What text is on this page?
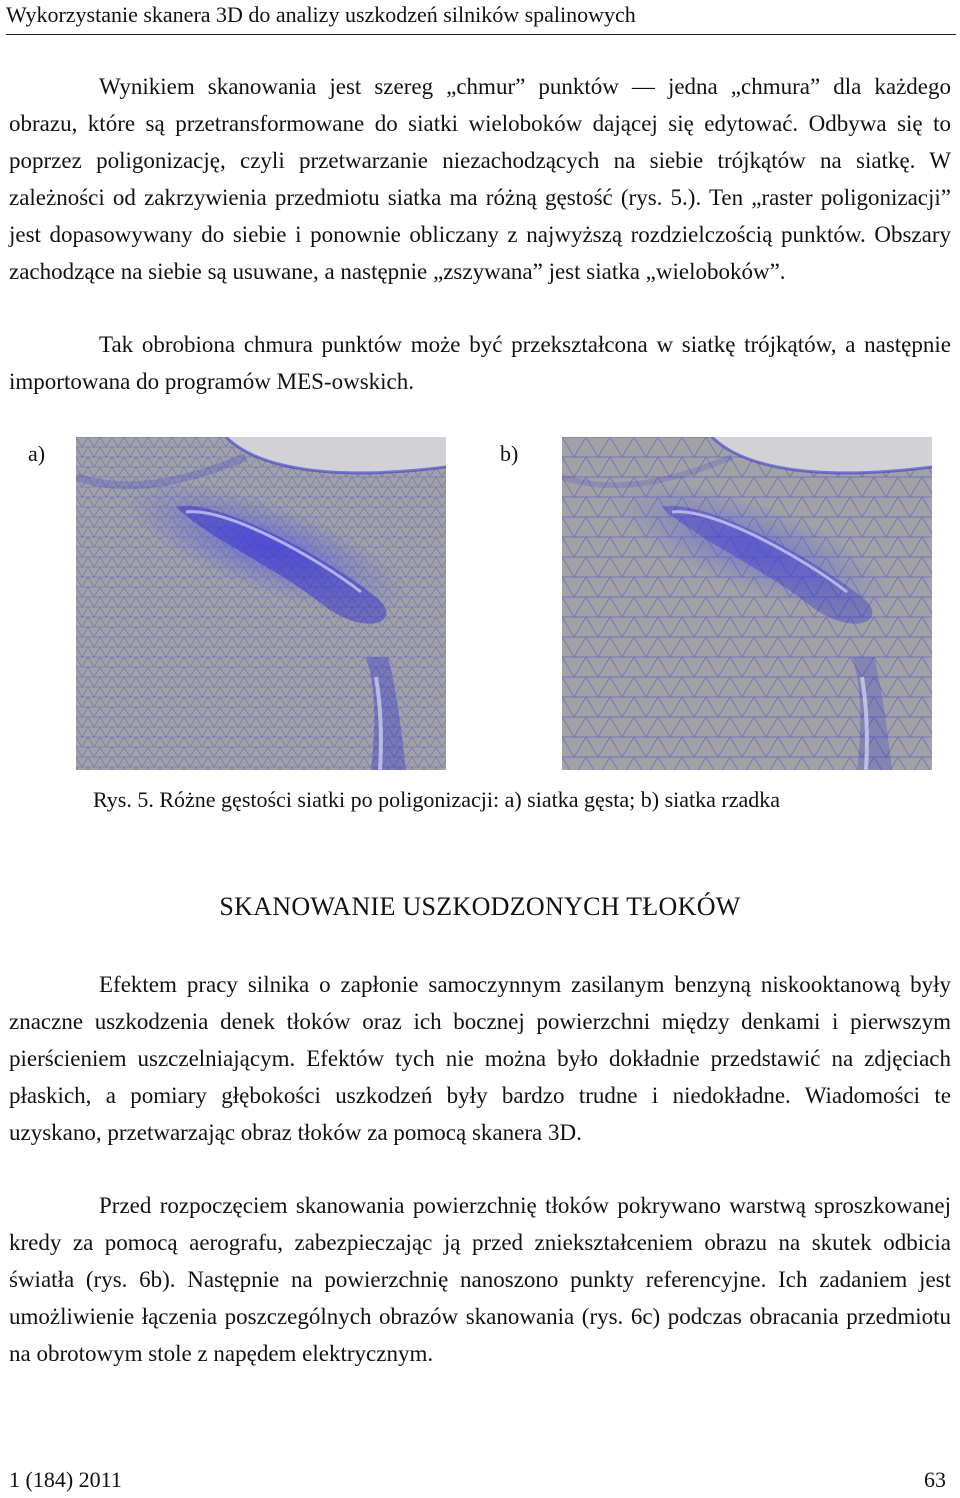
Wykorzystanie skanera 3D do analizy uszkodzeń silników spalinowych

Wynikiem skanowania jest szereg „chmur” punktów — jedna „chmura” dla każdego obrazu, które są przetransformowane do siatki wieloboków dającej się edytować. Odbywa się to poprzez poligonizację, czyli przetwarzanie niezachodzących na siebie trójkątów na siatkę. W zależności od zakrzywienia przedmiotu siatka ma różną gęstość (rys. 5.). Ten „raster poligonizacji” jest dopasowywany do siebie i ponownie obliczany z najwyższą rozdzielczością punktów. Obszary zachodzące na siebie są usuwane, a następnie „zszywana” jest siatka „wieloboków”.

Tak obrobiona chmura punktów może być przekształcona w siatkę trójkątów, a następnie importowana do programów MES-owskich.

a)	b)
Rys. 5. Różne gęstości siatki po poligonizacji: a) siatka gęsta; b) siatka rzadka
SKANOWANIE USZKODZONYCH TŁOKÓW

Efektem pracy silnika o zapłonie samoczynnym zasilanym benzyną niskooktanową były znaczne uszkodzenia denek tłoków oraz ich bocznej powierzchni między denkami i pierwszym pierścieniem uszczelniającym. Efektów tych nie można było dokładnie przedstawić na zdjęciach płaskich, a pomiary głębokości uszkodzeń były bardzo trudne i niedokładne. Wiadomości te uzyskano, przetwarzając obraz tłoków za pomocą skanera 3D.

Przed rozpoczęciem skanowania powierzchnię tłoków pokrywano warstwą sproszkowanej kredy za pomocą aerografu, zabezpieczając ją przed zniekształceniem obrazu na skutek odbicia światła (rys. 6b). Następnie na powierzchnię nanoszono punkty referencyjne. Ich zadaniem jest umożliwienie łączenia poszczególnych obrazów skanowania (rys. 6c) podczas obracania przedmiotu na obrotowym stole z napędem elektrycznym.

1 (184) 2011	63
